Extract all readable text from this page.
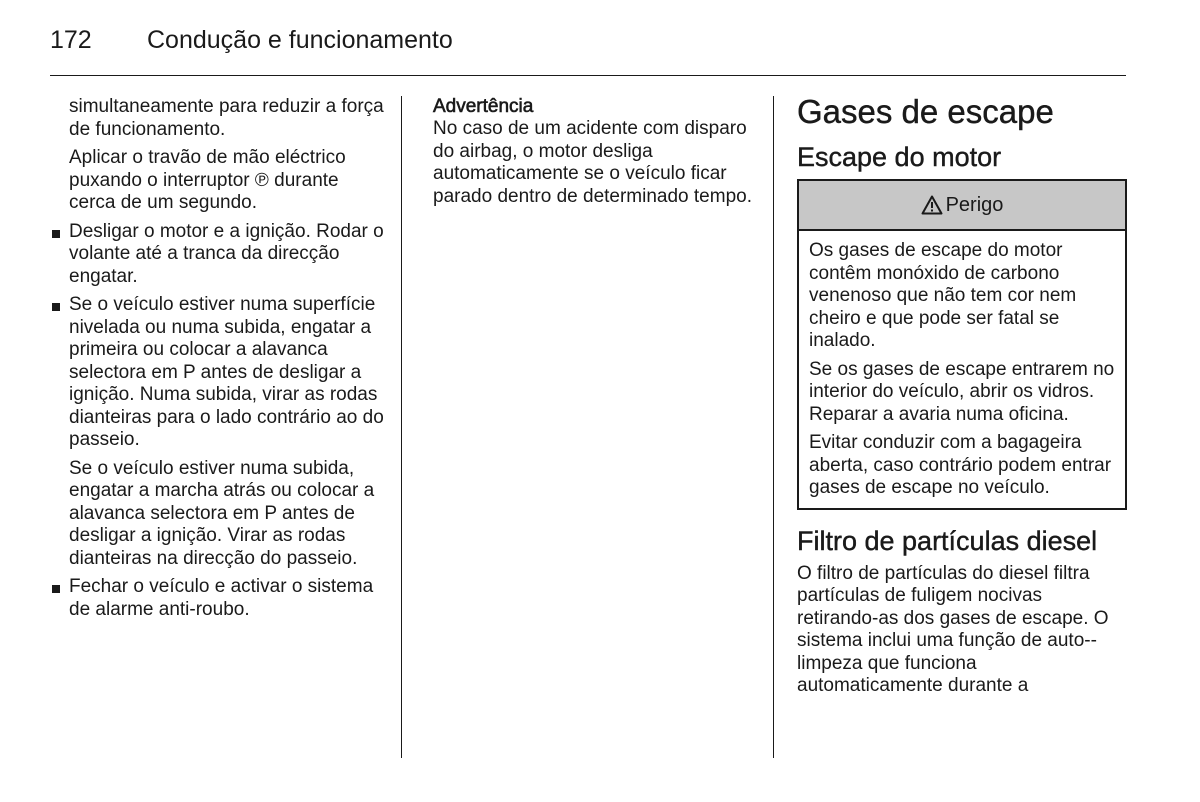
172 Condução e funcionamento

simultaneamente para reduzir a força de funcionamento.

Aplicar o travão de mão eléctrico puxando o interruptor ℗ durante cerca de um segundo.

Desligar o motor e a ignição. Rodar o volante até a tranca da direcção engatar.
Se o veículo estiver numa superfície nivelada ou numa subida, engatar a primeira ou colocar a alavanca selectora em P antes de desligar a ignição. Numa subida, virar as rodas dianteiras para o lado contrário ao do passeio.

Se o veículo estiver numa subida, engatar a marcha atrás ou colocar a alavanca selectora em P antes de desligar a ignição. Virar as rodas dianteiras na direcção do passeio.

Fechar o veículo e activar o sistema de alarme anti-roubo.
Advertência
No caso de um acidente com disparo do airbag, o motor desliga automaticamente se o veículo ficar parado dentro de determinado tempo.
Gases de escape
Escape do motor
Perigo

Os gases de escape do motor contêm monóxido de carbono venenoso que não tem cor nem cheiro e que pode ser fatal se inalado.

Se os gases de escape entrarem no interior do veículo, abrir os vidros. Reparar a avaria numa oficina.

Evitar conduzir com a bagageira aberta, caso contrário podem entrar gases de escape no veículo.

Filtro de partículas diesel
O filtro de partículas do diesel filtra partículas de fuligem nocivas retirando-as dos gases de escape. O sistema inclui uma função de auto--limpeza que funciona automaticamente durante a
